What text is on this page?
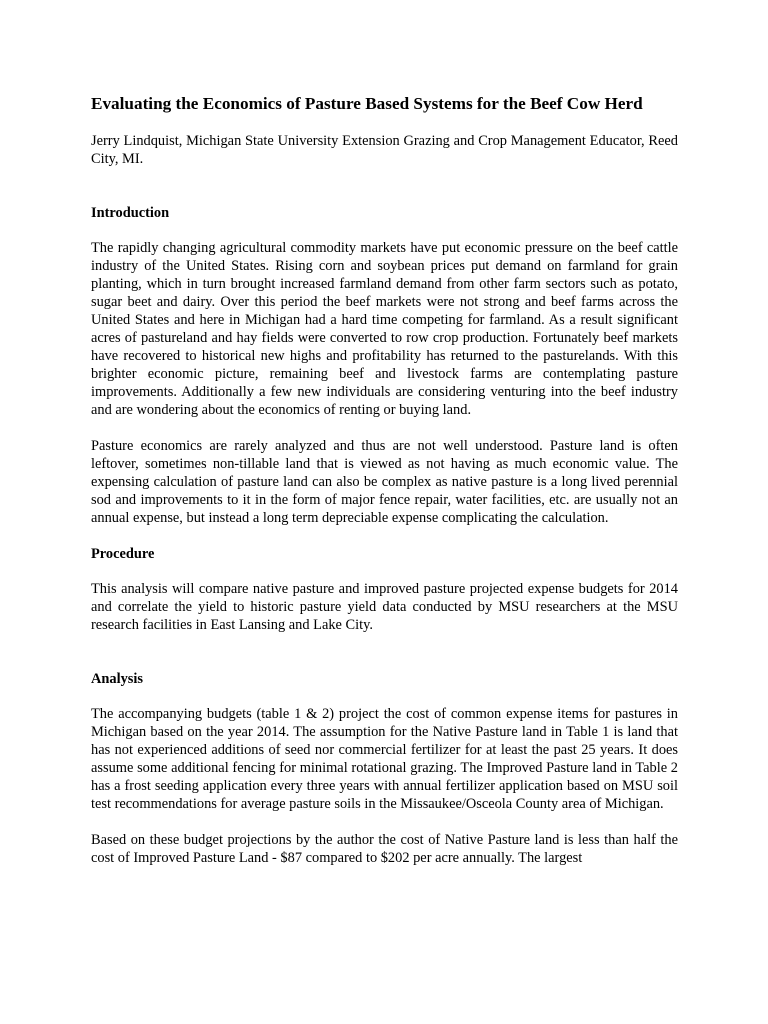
Evaluating the Economics of Pasture Based Systems for the Beef Cow Herd
Jerry Lindquist, Michigan State University Extension Grazing and Crop Management Educator, Reed City, MI.
Introduction
The rapidly changing agricultural commodity markets have put economic pressure on the beef cattle industry of the United States. Rising corn and soybean prices put demand on farmland for grain planting, which in turn brought increased farmland demand from other farm sectors such as potato, sugar beet and dairy. Over this period the beef markets were not strong and beef farms across the United States and here in Michigan had a hard time competing for farmland. As a result significant acres of pastureland and hay fields were converted to row crop production. Fortunately beef markets have recovered to historical new highs and profitability has returned to the pasturelands. With this brighter economic picture, remaining beef and livestock farms are contemplating pasture improvements. Additionally a few new individuals are considering venturing into the beef industry and are wondering about the economics of renting or buying land.
Pasture economics are rarely analyzed and thus are not well understood. Pasture land is often leftover, sometimes non-tillable land that is viewed as not having as much economic value. The expensing calculation of pasture land can also be complex as native pasture is a long lived perennial sod and improvements to it in the form of major fence repair, water facilities, etc. are usually not an annual expense, but instead a long term depreciable expense complicating the calculation.
Procedure
This analysis will compare native pasture and improved pasture projected expense budgets for 2014 and correlate the yield to historic pasture yield data conducted by MSU researchers at the MSU research facilities in East Lansing and Lake City.
Analysis
The accompanying budgets (table 1 & 2) project the cost of common expense items for pastures in Michigan based on the year 2014. The assumption for the Native Pasture land in Table 1 is land that has not experienced additions of seed nor commercial fertilizer for at least the past 25 years. It does assume some additional fencing for minimal rotational grazing. The Improved Pasture land in Table 2 has a frost seeding application every three years with annual fertilizer application based on MSU soil test recommendations for average pasture soils in the Missaukee/Osceola County area of Michigan.
Based on these budget projections by the author the cost of Native Pasture land is less than half the cost of Improved Pasture Land - $87 compared to $202 per acre annually. The largest
